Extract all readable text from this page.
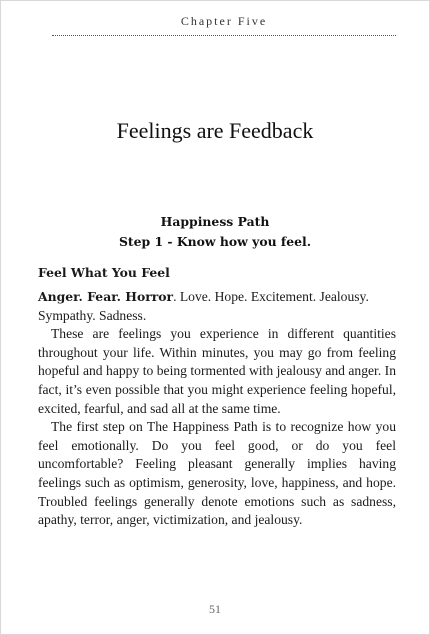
Chapter Five
Feelings are Feedback
Happiness Path
Step 1 - Know how you feel.
Feel What You Feel

Anger. Fear. Horror. Love. Hope. Excitement. Jealousy. Sympathy. Sadness.

These are feelings you experience in different quantities throughout your life. Within minutes, you may go from feeling hopeful and happy to being tormented with jealousy and anger. In fact, it’s even possible that you might experience feeling hopeful, excited, fearful, and sad all at the same time.

The first step on The Happiness Path is to recognize how you feel emotionally. Do you feel good, or do you feel uncomfortable? Feeling pleasant generally implies having feelings such as optimism, generosity, love, happiness, and hope. Troubled feelings generally denote emotions such as sadness, apathy, terror, anger, victimization, and jealousy.

51
